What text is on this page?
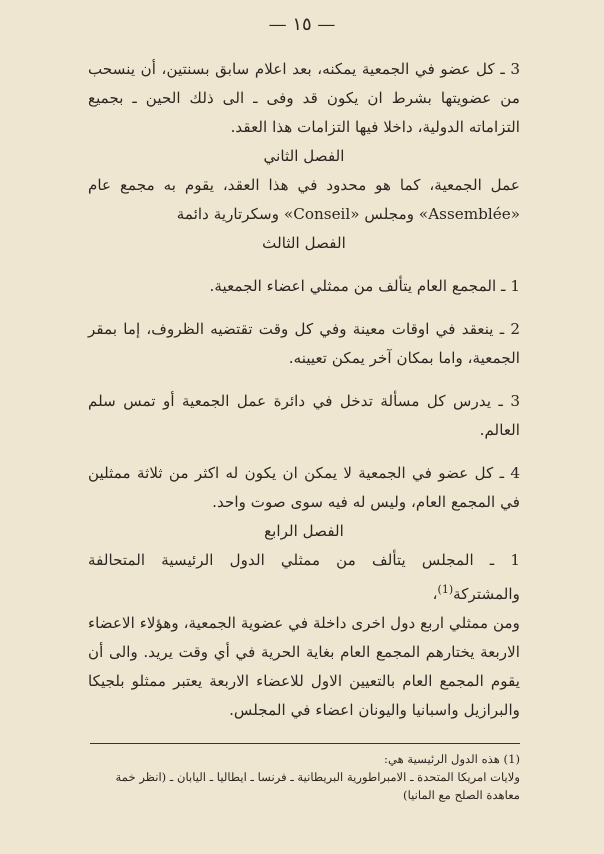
— ١٥ —

3 ـ كل عضو في الجمعية يمكنه، بعد اعلام سابق بسنتين، أن ينسحب من عضويتها بشرط ان يكون قد وفى ـ الى ذلك الحين ـ بجميع التزاماته الدولية، داخلا فيها التزامات هذا العقد.

الفصل الثاني

عمل الجمعية، كما هو محدود في هذا العقد، يقوم به مجمع عام «Assemblée» ومجلس «Conseil» وسكرتارية دائمة

الفصل الثالث

1 ـ المجمع العام يتألف من ممثلي اعضاء الجمعية.

2 ـ ينعقد في اوقات معينة وفي كل وقت تقتضيه الظروف، إما بمقر الجمعية، واما بمكان آخر يمكن تعيينه.

3 ـ يدرس كل مسألة تدخل في دائرة عمل الجمعية أو تمس سلم العالم.

4 ـ كل عضو في الجمعية لا يمكن ان يكون له اكثر من ثلاثة ممثلين في المجمع العام، وليس له فيه سوى صوت واحد.

الفصل الرابع

1 ـ المجلس يتألف من ممثلي الدول الرئيسية المتحالفة والمشتركة$^{(1)}$،

ومن ممثلي اربع دول اخرى داخلة في عضوية الجمعية، وهؤلاء الاعضاء الاربعة يختارهم المجمع العام بغاية الحرية في أي وقت يريد. والى أن يقوم المجمع العام بالتعيين الاول للاعضاء الاربعة يعتبر ممثلو بلجيكا والبرازيل واسبانيا واليونان اعضاء في المجلس.

(1) هذه الدول الرئيسية هي:

ولايات امريكا المتحدة ـ الامبراطورية البريطانية ـ فرنسا ـ ايطاليا ـ اليابان ـ (انظر خمة معاهدة الصلح مع المانيا)
